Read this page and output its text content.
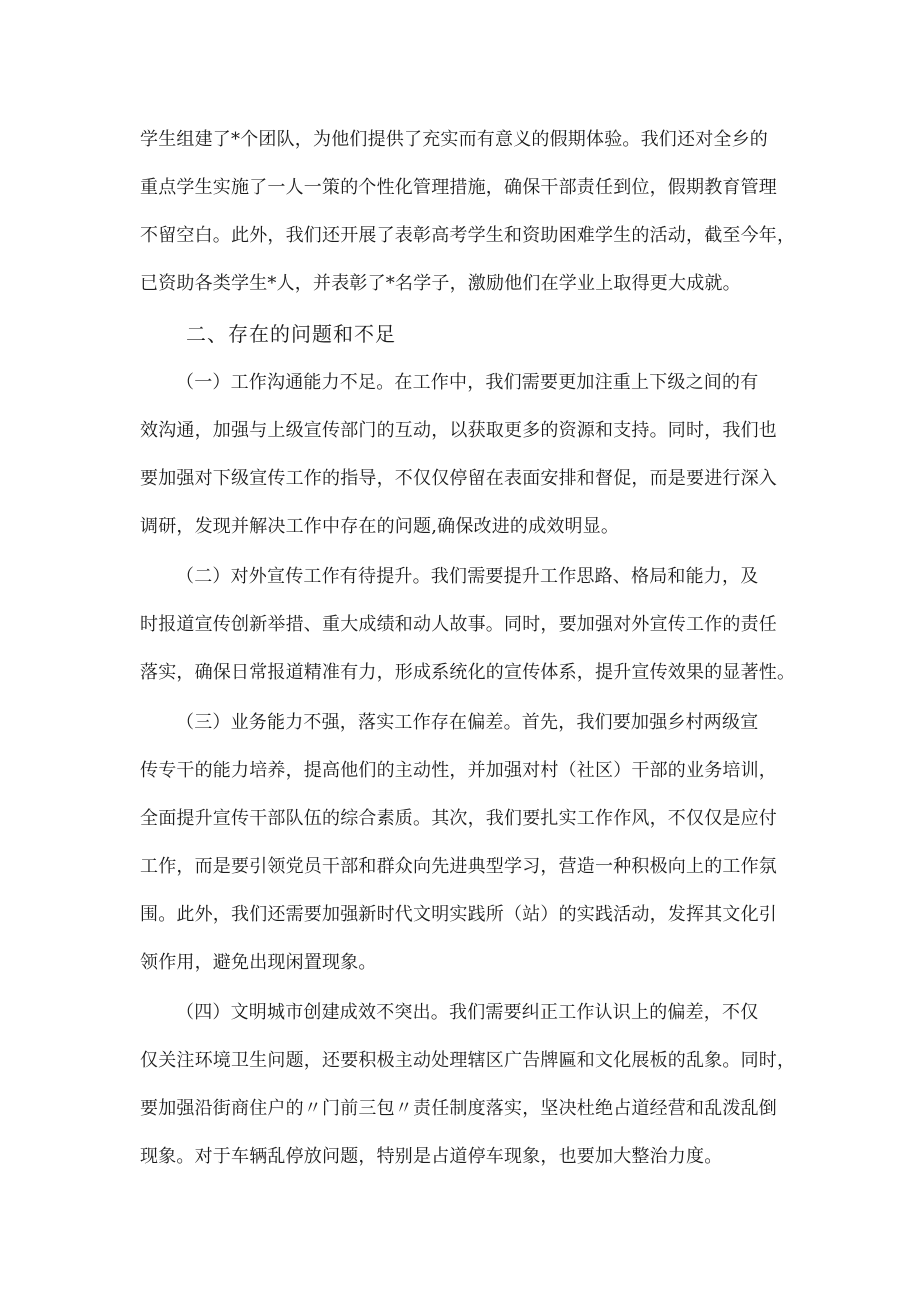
学生组建了*个团队，为他们提供了充实而有意义的假期体验。我们还对全乡的
重点学生实施了一人一策的个性化管理措施，确保干部责任到位，假期教育管理
不留空白。此外，我们还开展了表彰高考学生和资助困难学生的活动，截至今年，
已资助各类学生*人，并表彰了*名学子，激励他们在学业上取得更大成就。
二、存在的问题和不足
（一）工作沟通能力不足。在工作中，我们需要更加注重上下级之间的有
效沟通，加强与上级宣传部门的互动，以获取更多的资源和支持。同时，我们也
要加强对下级宣传工作的指导，不仅仅停留在表面安排和督促，而是要进行深入
调研，发现并解决工作中存在的问题,确保改进的成效明显。
（二）对外宣传工作有待提升。我们需要提升工作思路、格局和能力，及
时报道宣传创新举措、重大成绩和动人故事。同时，要加强对外宣传工作的责任
落实，确保日常报道精准有力，形成系统化的宣传体系，提升宣传效果的显著性。
（三）业务能力不强，落实工作存在偏差。首先，我们要加强乡村两级宣
传专干的能力培养，提高他们的主动性，并加强对村（社区）干部的业务培训，
全面提升宣传干部队伍的综合素质。其次，我们要扎实工作作风，不仅仅是应付
工作，而是要引领党员干部和群众向先进典型学习，营造一种积极向上的工作氛
围。此外，我们还需要加强新时代文明实践所（站）的实践活动，发挥其文化引
领作用，避免出现闲置现象。
（四）文明城市创建成效不突出。我们需要纠正工作认识上的偏差，不仅
仅关注环境卫生问题，还要积极主动处理辖区广告牌匾和文化展板的乱象。同时，
要加强沿街商住户的〃门前三包〃责任制度落实，坚决杜绝占道经营和乱泼乱倒
现象。对于车辆乱停放问题，特别是占道停车现象，也要加大整治力度。
